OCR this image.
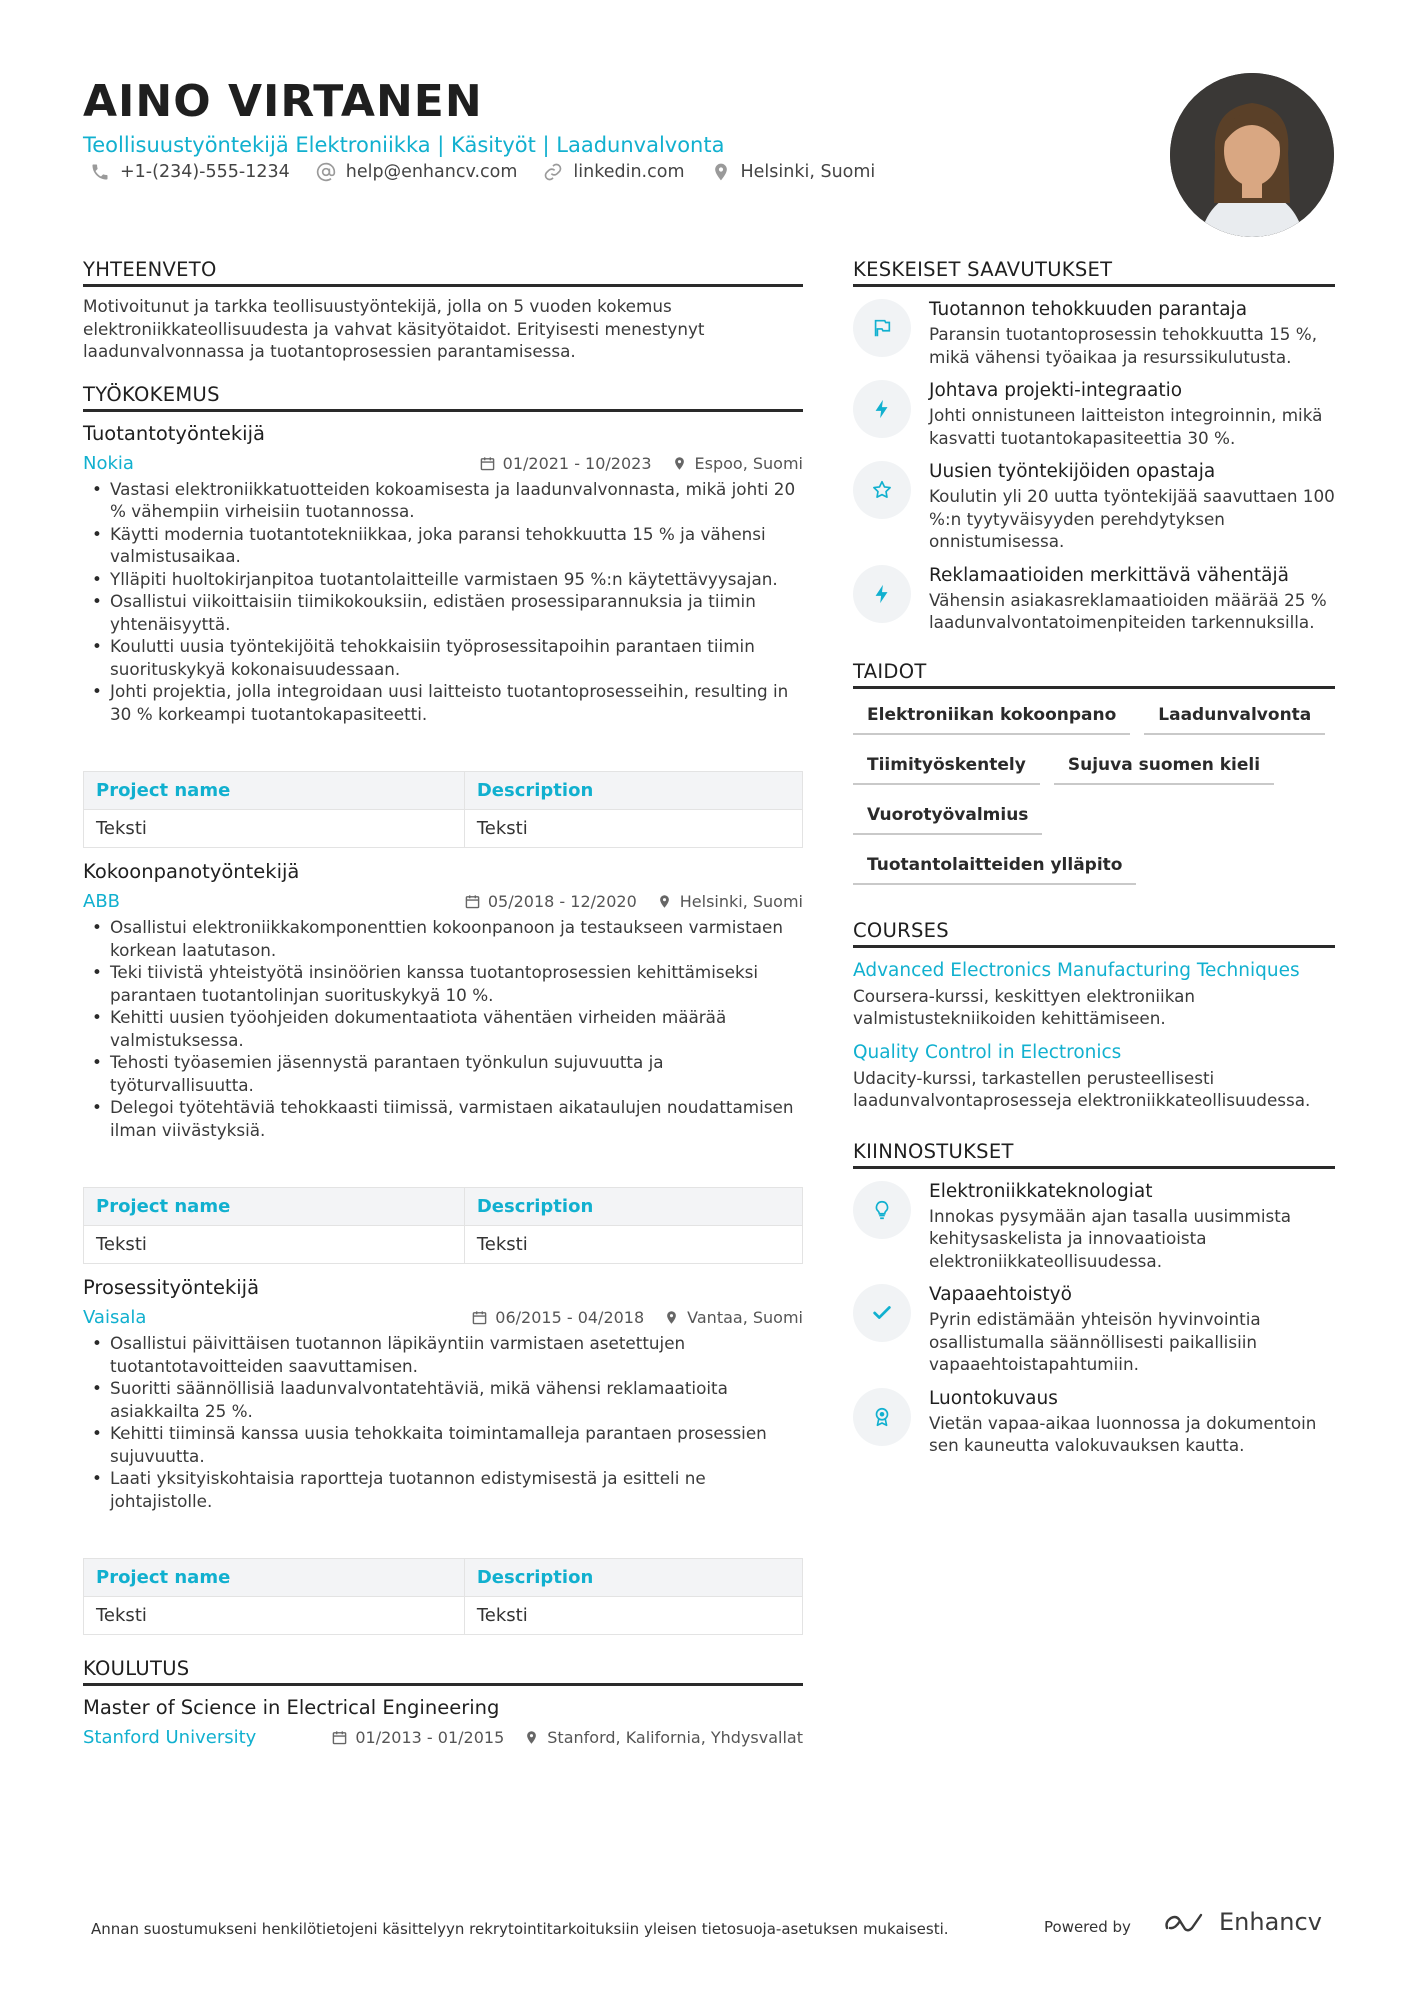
AINO VIRTANEN
Teollisuustyöntekijä Elektroniikka | Käsityöt | Laadunvalvonta
+1-(234)-555-1234	help@enhancv.com	linkedin.com	Helsinki, Suomi
YHTEENVETO
Motivoitunut ja tarkka teollisuustyöntekijä, jolla on 5 vuoden kokemus elektroniikkateollisuudesta ja vahvat käsityötaidot. Erityisesti menestynyt laadunvalvonnassa ja tuotantoprosessien parantamisessa.
TYÖKOKEMUS
Tuotantotyöntekijä
Nokia	01/2021 - 10/2023	Espoo, Suomi
• Vastasi elektroniikkatuotteiden kokoamisesta ja laadunvalvonnasta, mikä johti 20 % vähempiin virheisiin tuotannossa.
• Käytti modernia tuotantotekniikkaa, joka paransi tehokkuutta 15 % ja vähensi valmistusaikaa.
• Ylläpiti huoltokirjanpitoa tuotantolaitteille varmistaen 95 %:n käytettävyysajan.
• Osallistui viikoittaisiin tiimikokouksiin, edistäen prosessiparannuksia ja tiimin yhtenäisyyttä.
• Koulutti uusia työntekijöitä tehokkaisiin työprosessitapoihin parantaen tiimin suorituskykyä kokonaisuudessaan.
• Johti projektia, jolla integroidaan uusi laitteisto tuotantoprosesseihin, resulting in 30 % korkeampi tuotantokapasiteetti.
Project name	Description
Teksti	Teksti
Kokoonpanotyöntekijä
ABB	05/2018 - 12/2020	Helsinki, Suomi
• Osallistui elektroniikkakomponenttien kokoonpanoon ja testaukseen varmistaen korkean laatutason.
• Teki tiivistä yhteistyötä insinöörien kanssa tuotantoprosessien kehittämiseksi parantaen tuotantolinjan suorituskykyä 10 %.
• Kehitti uusien työohjeiden dokumentaatiota vähentäen virheiden määrää valmistuksessa.
• Tehosti työasemien jäsennystä parantaen työnkulun sujuvuutta ja työturvallisuutta.
• Delegoi työtehtäviä tehokkaasti tiimissä, varmistaen aikataulujen noudattamisen ilman viivästyksiä.
Project name	Description
Teksti	Teksti
Prosessityöntekijä
Vaisala	06/2015 - 04/2018	Vantaa, Suomi
• Osallistui päivittäisen tuotannon läpikäyntiin varmistaen asetettujen tuotantotavoitteiden saavuttamisen.
• Suoritti säännöllisiä laadunvalvontatehtäviä, mikä vähensi reklamaatioita asiakkailta 25 %.
• Kehitti tiiminsä kanssa uusia tehokkaita toimintamalleja parantaen prosessien sujuvuutta.
• Laati yksityiskohtaisia raportteja tuotannon edistymisestä ja esitteli ne johtajistolle.
Project name	Description
Teksti	Teksti
KOULUTUS
Master of Science in Electrical Engineering
Stanford University	01/2013 - 01/2015	Stanford, Kalifornia, Yhdysvallat
KESKEISET SAAVUTUKSET
Tuotannon tehokkuuden parantaja
Paransin tuotantoprosessin tehokkuutta 15 %, mikä vähensi työaikaa ja resurssikulutusta.
Johtava projekti-integraatio
Johti onnistuneen laitteiston integroinnin, mikä kasvatti tuotantokapasiteettia 30 %.
Uusien työntekijöiden opastaja
Koulutin yli 20 uutta työntekijää saavuttaen 100 %:n tyytyväisyyden perehdytyksen onnistumisessa.
Reklamaatioiden merkittävä vähentäjä
Vähensin asiakasreklamaatioiden määrää 25 % laadunvalvontatoimenpiteiden tarkennuksilla.
TAIDOT
Elektroniikan kokoonpano	Laadunvalvonta
Tiimityöskentely	Sujuva suomen kieli
Vuorotyövalmius
Tuotantolaitteiden ylläpito
COURSES
Advanced Electronics Manufacturing Techniques
Coursera-kurssi, keskittyen elektroniikan valmistustekniikoiden kehittämiseen.
Quality Control in Electronics
Udacity-kurssi, tarkastellen perusteellisesti laadunvalvontaprosesseja elektroniikkateollisuudessa.
KIINNOSTUKSET
Elektroniikkateknologiat
Innokas pysymään ajan tasalla uusimmista kehitysaskelista ja innovaatioista elektroniikkateollisuudessa.
Vapaaehtoistyö
Pyrin edistämään yhteisön hyvinvointia osallistumalla säännöllisesti paikallisiin vapaaehtoistapahtumiin.
Luontokuvaus
Vietän vapaa-aikaa luonnossa ja dokumentoin sen kauneutta valokuvauksen kautta.
Annan suostumukseni henkilötietojeni käsittelyyn rekrytointitarkoituksiin yleisen tietosuoja-asetuksen mukaisesti.	Powered by	Enhancv
